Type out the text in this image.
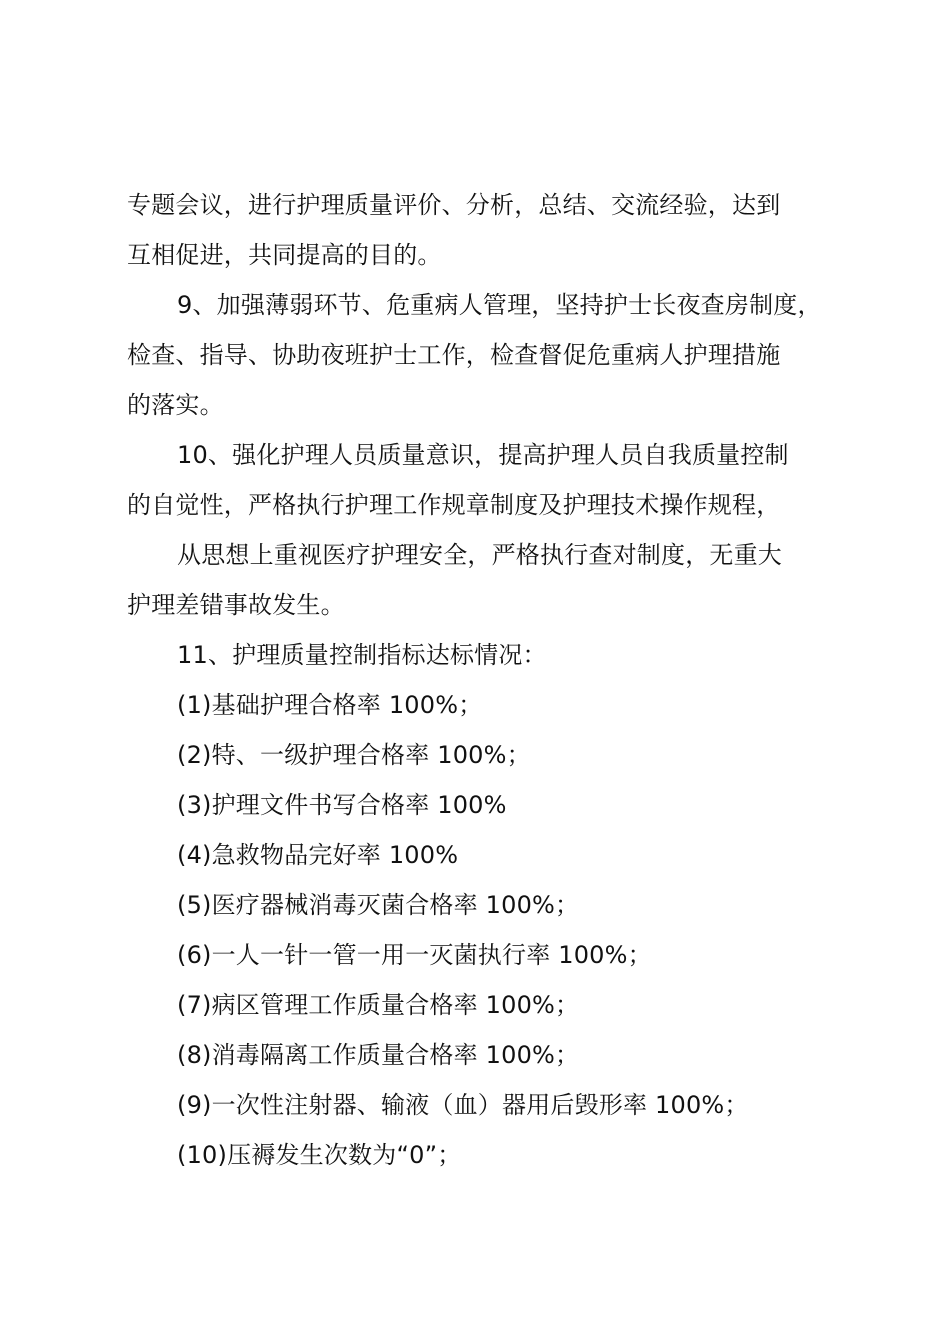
专题会议，进行护理质量评价、分析，总结、交流经验，达到
互相促进，共同提高的目的。
9、加强薄弱环节、危重病人管理，坚持护士长夜查房制度，
检查、指导、协助夜班护士工作，检查督促危重病人护理措施
的落实。
10、强化护理人员质量意识，提高护理人员自我质量控制
的自觉性，严格执行护理工作规章制度及护理技术操作规程，
从思想上重视医疗护理安全，严格执行查对制度，无重大
护理差错事故发生。
11、护理质量控制指标达标情况：
(1)基础护理合格率 100%；
(2)特、一级护理合格率 100%；
(3)护理文件书写合格率 100%
(4)急救物品完好率 100%
(5)医疗器械消毒灭菌合格率 100%；
(6)一人一针一管一用一灭菌执行率 100%；
(7)病区管理工作质量合格率 100%；
(8)消毒隔离工作质量合格率 100%；
(9)一次性注射器、输液（血）器用后毁形率 100%；
(10)压褥发生次数为“0”；
